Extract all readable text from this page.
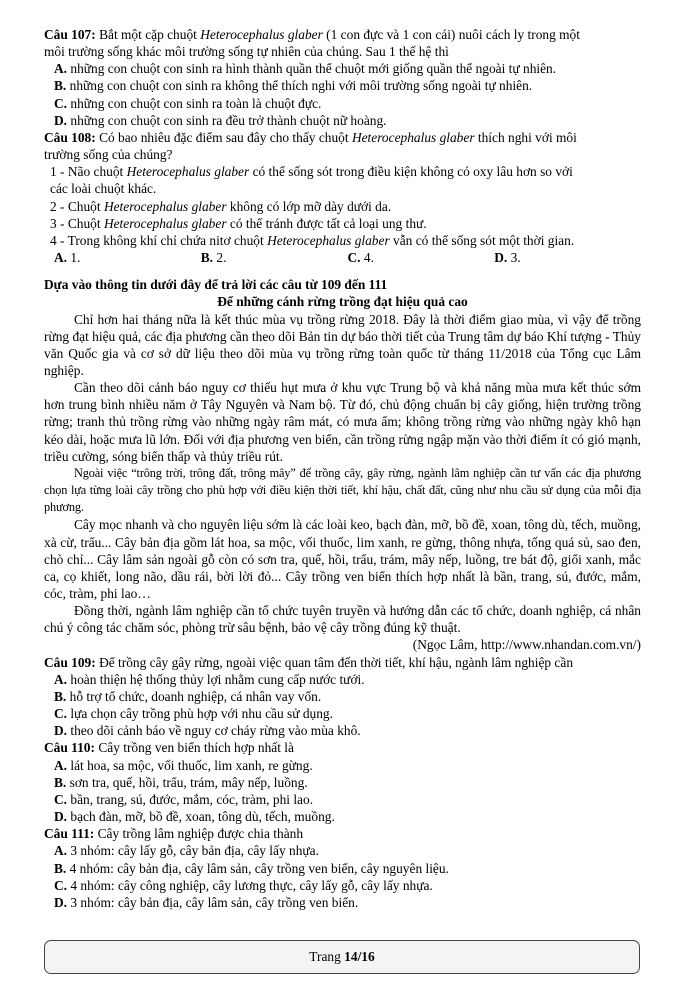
Câu 107: Bắt một cặp chuột Heterocephalus glaber (1 con đực và 1 con cái) nuôi cách ly trong một
môi trường sống khác môi trường sống tự nhiên của chúng. Sau 1 thế hệ thì
A. những con chuột con sinh ra hình thành quần thể chuột mới giống quần thể ngoài tự nhiên.
B. những con chuột con sinh ra không thể thích nghi với môi trường sống ngoài tự nhiên.
C. những con chuột con sinh ra toàn là chuột đực.
D. những con chuột con sinh ra đều trở thành chuột nữ hoàng.
Câu 108: Có bao nhiêu đặc điểm sau đây cho thấy chuột Heterocephalus glaber thích nghi với môi
trường sống của chúng?
1 - Não chuột Heterocephalus glaber có thể sống sót trong điều kiện không có oxy lâu hơn so với
các loài chuột khác.
2 - Chuột Heterocephalus glaber không có lớp mỡ dày dưới da.
3 - Chuột Heterocephalus glaber có thể tránh được tất cả loại ung thư.
4 - Trong không khí chỉ chứa nitơ chuột Heterocephalus glaber vẫn có thể sống sót một thời gian.
A. 1.	B. 2.	C. 4.	D. 3.
Dựa vào thông tin dưới đây để trả lời các câu từ 109 đến 111
Để những cánh rừng trồng đạt hiệu quả cao
Chỉ hơn hai tháng nữa là kết thúc mùa vụ trồng rừng 2018. Đây là thời điểm giao mùa, vì vậy để trồng rừng đạt hiệu quả, các địa phương cần theo dõi Bản tin dự báo thời tiết của Trung tâm dự báo Khí tượng - Thủy văn Quốc gia và cơ sở dữ liệu theo dõi mùa vụ trồng rừng toàn quốc từ tháng 11/2018 của Tổng cục Lâm nghiệp.
Cần theo dõi cảnh báo nguy cơ thiếu hụt mưa ở khu vực Trung bộ và khả năng mùa mưa kết thúc sớm hơn trung bình nhiều năm ở Tây Nguyên và Nam bộ. Từ đó, chủ động chuẩn bị cây giống, hiện trường trồng rừng; tranh thủ trồng rừng vào những ngày râm mát, có mưa ẩm; không trồng rừng vào những ngày khô hạn kéo dài, hoặc mưa lũ lớn. Đối với địa phương ven biển, cần trồng rừng ngập mặn vào thời điểm ít có gió mạnh, triều cường, sóng biển thấp và thủy triều rút.
Ngoài việc “trông trời, trông đất, trông mây” để trồng cây, gây rừng, ngành lâm nghiệp cần tư vấn các địa phương chọn lựa từng loài cây trồng cho phù hợp với điều kiện thời tiết, khí hậu, chất đất, cũng như nhu cầu sử dụng của mỗi địa phương.
Cây mọc nhanh và cho nguyên liệu sớm là các loài keo, bạch đàn, mỡ, bồ đề, xoan, tông dù, tếch, muồng, xà cừ, trẩu... Cây bản địa gồm lát hoa, sa mộc, vối thuốc, lim xanh, re gừng, thông nhựa, tống quá sủ, sao đen, chò chỉ... Cây lâm sản ngoài gỗ còn có sơn tra, quế, hồi, trẩu, trám, mây nếp, luồng, tre bát độ, giổi xanh, mắc ca, cọ khiết, long não, dầu rái, bời lời đỏ... Cây trồng ven biển thích hợp nhất là bần, trang, sú, đước, mắm, cóc, tràm, phi lao…
Đồng thời, ngành lâm nghiệp cần tổ chức tuyên truyền và hướng dẫn các tổ chức, doanh nghiệp, cá nhân chú ý công tác chăm sóc, phòng trừ sâu bệnh, bảo vệ cây trồng đúng kỹ thuật.
(Ngọc Lâm, http://www.nhandan.com.vn/)
Câu 109: Để trồng cây gây rừng, ngoài việc quan tâm đến thời tiết, khí hậu, ngành lâm nghiệp cần
A. hoàn thiện hệ thống thủy lợi nhằm cung cấp nước tưới.
B. hỗ trợ tổ chức, doanh nghiệp, cá nhân vay vốn.
C. lựa chọn cây trồng phù hợp với nhu cầu sử dụng.
D. theo dõi cảnh báo về nguy cơ cháy rừng vào mùa khô.
Câu 110: Cây trồng ven biển thích hợp nhất là
A. lát hoa, sa mộc, vối thuốc, lim xanh, re gừng.
B. sơn tra, quế, hồi, trẩu, trám, mây nếp, luồng.
C. bần, trang, sú, đước, mắm, cóc, tràm, phi lao.
D. bạch đàn, mỡ, bồ đề, xoan, tông dù, tếch, muồng.
Câu 111: Cây trồng lâm nghiệp được chia thành
A. 3 nhóm: cây lấy gỗ, cây bản địa, cây lấy nhựa.
B. 4 nhóm: cây bản địa, cây lâm sản, cây trồng ven biển, cây nguyên liệu.
C. 4 nhóm: cây công nghiệp, cây lương thực, cây lấy gỗ, cây lấy nhựa.
D. 3 nhóm: cây bản địa, cây lâm sản, cây trồng ven biển.
Trang
14/16
